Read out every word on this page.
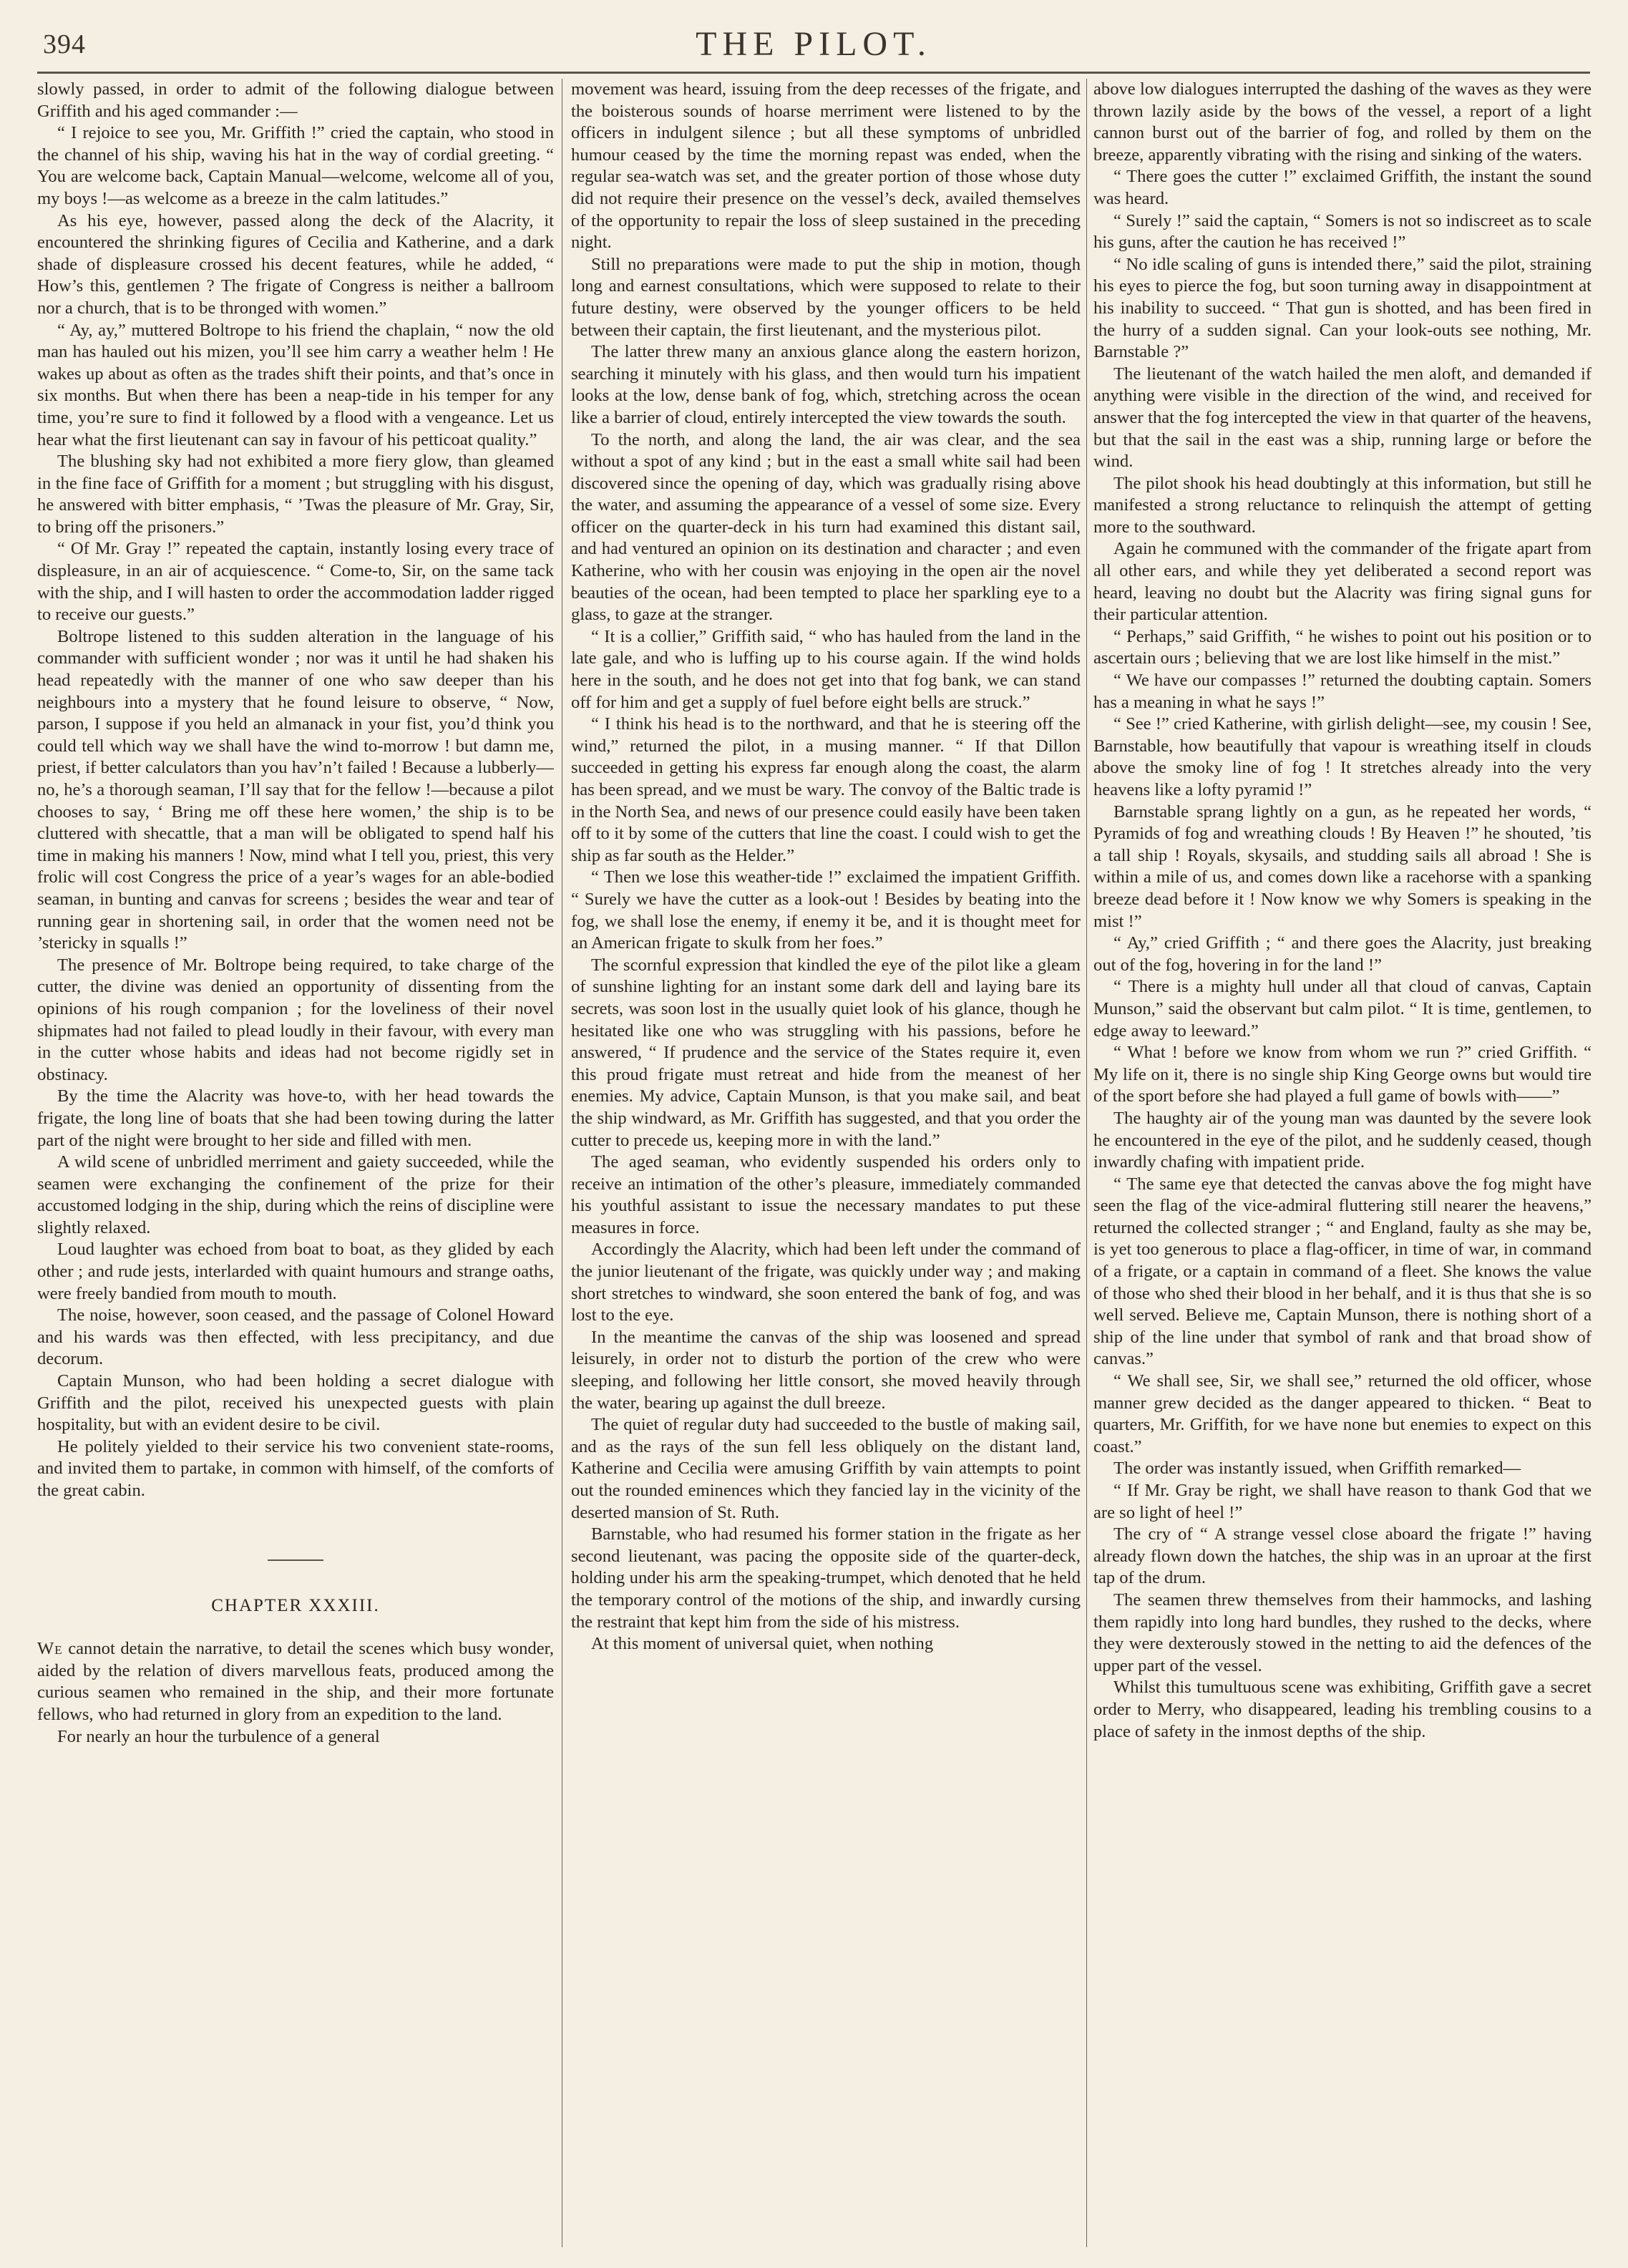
394	THE PILOT.

slowly passed, in order to admit of the following dialogue between Griffith and his aged commander :—

“ I rejoice to see you, Mr. Griffith !” cried the captain, who stood in the channel of his ship, waving his hat in the way of cordial greeting. “ You are welcome back, Captain Manual—welcome, welcome all of you, my boys !—as welcome as a breeze in the calm latitudes.”

As his eye, however, passed along the deck of the Alacrity, it encountered the shrinking figures of Cecilia and Katherine, and a dark shade of displeasure crossed his decent features, while he added, “ How’s this, gentlemen ? The frigate of Congress is neither a ballroom nor a church, that is to be thronged with women.”

“ Ay, ay,” muttered Boltrope to his friend the chaplain, “ now the old man has hauled out his mizen, you’ll see him carry a weather helm ! He wakes up about as often as the trades shift their points, and that’s once in six months. But when there has been a neap-tide in his temper for any time, you’re sure to find it followed by a flood with a vengeance. Let us hear what the first lieutenant can say in favour of his petticoat quality.”

The blushing sky had not exhibited a more fiery glow, than gleamed in the fine face of Griffith for a moment ; but struggling with his disgust, he answered with bitter emphasis, “ ’Twas the pleasure of Mr. Gray, Sir, to bring off the prisoners.”

“ Of Mr. Gray !” repeated the captain, instantly losing every trace of displeasure, in an air of acquiescence. “ Come-to, Sir, on the same tack with the ship, and I will hasten to order the accommodation ladder rigged to receive our guests.”

Boltrope listened to this sudden alteration in the language of his commander with sufficient wonder ; nor was it until he had shaken his head repeatedly with the manner of one who saw deeper than his neighbours into a mystery that he found leisure to observe, “ Now, parson, I suppose if you held an almanack in your fist, you’d think you could tell which way we shall have the wind to-morrow ! but damn me, priest, if better calculators than you hav’n’t failed ! Because a lubberly—no, he’s a thorough seaman, I’ll say that for the fellow !—because a pilot chooses to say, ‘ Bring me off these here women,’ the ship is to be cluttered with shecattle, that a man will be obligated to spend half his time in making his manners ! Now, mind what I tell you, priest, this very frolic will cost Congress the price of a year’s wages for an able-bodied seaman, in bunting and canvas for screens ; besides the wear and tear of running gear in shortening sail, in order that the women need not be ’stericky in squalls !”

The presence of Mr. Boltrope being required, to take charge of the cutter, the divine was denied an opportunity of dissenting from the opinions of his rough companion ; for the loveliness of their novel shipmates had not failed to plead loudly in their favour, with every man in the cutter whose habits and ideas had not become rigidly set in obstinacy.

By the time the Alacrity was hove-to, with her head towards the frigate, the long line of boats that she had been towing during the latter part of the night were brought to her side and filled with men.

A wild scene of unbridled merriment and gaiety succeeded, while the seamen were exchanging the confinement of the prize for their accustomed lodging in the ship, during which the reins of discipline were slightly relaxed.

Loud laughter was echoed from boat to boat, as they glided by each other ; and rude jests, interlarded with quaint humours and strange oaths, were freely bandied from mouth to mouth.

The noise, however, soon ceased, and the passage of Colonel Howard and his wards was then effected, with less precipitancy, and due decorum.

Captain Munson, who had been holding a secret dialogue with Griffith and the pilot, received his unexpected guests with plain hospitality, but with an evident desire to be civil.

He politely yielded to their service his two convenient state-rooms, and invited them to partake, in common with himself, of the comforts of the great cabin.

CHAPTER XXXIII.

We cannot detain the narrative, to detail the scenes which busy wonder, aided by the relation of divers marvellous feats, produced among the curious seamen who remained in the ship, and their more fortunate fellows, who had returned in glory from an expedition to the land.

For nearly an hour the turbulence of a general

movement was heard, issuing from the deep recesses of the frigate, and the boisterous sounds of hoarse merriment were listened to by the officers in indulgent silence ; but all these symptoms of unbridled humour ceased by the time the morning repast was ended, when the regular sea-watch was set, and the greater portion of those whose duty did not require their presence on the vessel’s deck, availed themselves of the opportunity to repair the loss of sleep sustained in the preceding night.

Still no preparations were made to put the ship in motion, though long and earnest consultations, which were supposed to relate to their future destiny, were observed by the younger officers to be held between their captain, the first lieutenant, and the mysterious pilot.

The latter threw many an anxious glance along the eastern horizon, searching it minutely with his glass, and then would turn his impatient looks at the low, dense bank of fog, which, stretching across the ocean like a barrier of cloud, entirely intercepted the view towards the south.

To the north, and along the land, the air was clear, and the sea without a spot of any kind ; but in the east a small white sail had been discovered since the opening of day, which was gradually rising above the water, and assuming the appearance of a vessel of some size. Every officer on the quarter-deck in his turn had examined this distant sail, and had ventured an opinion on its destination and character ; and even Katherine, who with her cousin was enjoying in the open air the novel beauties of the ocean, had been tempted to place her sparkling eye to a glass, to gaze at the stranger.

“ It is a collier,” Griffith said, “ who has hauled from the land in the late gale, and who is luffing up to his course again. If the wind holds here in the south, and he does not get into that fog bank, we can stand off for him and get a supply of fuel before eight bells are struck.”

“ I think his head is to the northward, and that he is steering off the wind,” returned the pilot, in a musing manner. “ If that Dillon succeeded in getting his express far enough along the coast, the alarm has been spread, and we must be wary. The convoy of the Baltic trade is in the North Sea, and news of our presence could easily have been taken off to it by some of the cutters that line the coast. I could wish to get the ship as far south as the Helder.”

“ Then we lose this weather-tide !” exclaimed the impatient Griffith. “ Surely we have the cutter as a look-out ! Besides by beating into the fog, we shall lose the enemy, if enemy it be, and it is thought meet for an American frigate to skulk from her foes.”

The scornful expression that kindled the eye of the pilot like a gleam of sunshine lighting for an instant some dark dell and laying bare its secrets, was soon lost in the usually quiet look of his glance, though he hesitated like one who was struggling with his passions, before he answered, “ If prudence and the service of the States require it, even this proud frigate must retreat and hide from the meanest of her enemies. My advice, Captain Munson, is that you make sail, and beat the ship windward, as Mr. Griffith has suggested, and that you order the cutter to precede us, keeping more in with the land.”

The aged seaman, who evidently suspended his orders only to receive an intimation of the other’s pleasure, immediately commanded his youthful assistant to issue the necessary mandates to put these measures in force.

Accordingly the Alacrity, which had been left under the command of the junior lieutenant of the frigate, was quickly under way ; and making short stretches to windward, she soon entered the bank of fog, and was lost to the eye.

In the meantime the canvas of the ship was loosened and spread leisurely, in order not to disturb the portion of the crew who were sleeping, and following her little consort, she moved heavily through the water, bearing up against the dull breeze.

The quiet of regular duty had succeeded to the bustle of making sail, and as the rays of the sun fell less obliquely on the distant land, Katherine and Cecilia were amusing Griffith by vain attempts to point out the rounded eminences which they fancied lay in the vicinity of the deserted mansion of St. Ruth.

Barnstable, who had resumed his former station in the frigate as her second lieutenant, was pacing the opposite side of the quarter-deck, holding under his arm the speaking-trumpet, which denoted that he held the temporary control of the motions of the ship, and inwardly cursing the restraint that kept him from the side of his mistress.

At this moment of universal quiet, when nothing

above low dialogues interrupted the dashing of the waves as they were thrown lazily aside by the bows of the vessel, a report of a light cannon burst out of the barrier of fog, and rolled by them on the breeze, apparently vibrating with the rising and sinking of the waters.

“ There goes the cutter !” exclaimed Griffith, the instant the sound was heard.

“ Surely !” said the captain, “ Somers is not so indiscreet as to scale his guns, after the caution he has received !”

“ No idle scaling of guns is intended there,” said the pilot, straining his eyes to pierce the fog, but soon turning away in disappointment at his inability to succeed. “ That gun is shotted, and has been fired in the hurry of a sudden signal. Can your look-outs see nothing, Mr. Barnstable ?”

The lieutenant of the watch hailed the men aloft, and demanded if anything were visible in the direction of the wind, and received for answer that the fog intercepted the view in that quarter of the heavens, but that the sail in the east was a ship, running large or before the wind.

The pilot shook his head doubtingly at this information, but still he manifested a strong reluctance to relinquish the attempt of getting more to the southward.

Again he communed with the commander of the frigate apart from all other ears, and while they yet deliberated a second report was heard, leaving no doubt but the Alacrity was firing signal guns for their particular attention.

“ Perhaps,” said Griffith, “ he wishes to point out his position or to ascertain ours ; believing that we are lost like himself in the mist.”

“ We have our compasses !” returned the doubting captain. Somers has a meaning in what he says !”

“ See !” cried Katherine, with girlish delight—see, my cousin ! See, Barnstable, how beautifully that vapour is wreathing itself in clouds above the smoky line of fog ! It stretches already into the very heavens like a lofty pyramid !”

Barnstable sprang lightly on a gun, as he repeated her words, “ Pyramids of fog and wreathing clouds ! By Heaven !” he shouted, ’tis a tall ship ! Royals, skysails, and studding sails all abroad ! She is within a mile of us, and comes down like a racehorse with a spanking breeze dead before it ! Now know we why Somers is speaking in the mist !”

“ Ay,” cried Griffith ; “ and there goes the Alacrity, just breaking out of the fog, hovering in for the land !”

“ There is a mighty hull under all that cloud of canvas, Captain Munson,” said the observant but calm pilot. “ It is time, gentlemen, to edge away to leeward.”

“ What ! before we know from whom we run ?” cried Griffith. “ My life on it, there is no single ship King George owns but would tire of the sport before she had played a full game of bowls with——”

The haughty air of the young man was daunted by the severe look he encountered in the eye of the pilot, and he suddenly ceased, though inwardly chafing with impatient pride.

“ The same eye that detected the canvas above the fog might have seen the flag of the vice-admiral fluttering still nearer the heavens,” returned the collected stranger ; “ and England, faulty as she may be, is yet too generous to place a flag-officer, in time of war, in command of a frigate, or a captain in command of a fleet. She knows the value of those who shed their blood in her behalf, and it is thus that she is so well served. Believe me, Captain Munson, there is nothing short of a ship of the line under that symbol of rank and that broad show of canvas.”

“ We shall see, Sir, we shall see,” returned the old officer, whose manner grew decided as the danger appeared to thicken. “ Beat to quarters, Mr. Griffith, for we have none but enemies to expect on this coast.”

The order was instantly issued, when Griffith remarked—

“ If Mr. Gray be right, we shall have reason to thank God that we are so light of heel !”

The cry of “ A strange vessel close aboard the frigate !” having already flown down the hatches, the ship was in an uproar at the first tap of the drum.

The seamen threw themselves from their hammocks, and lashing them rapidly into long hard bundles, they rushed to the decks, where they were dexterously stowed in the netting to aid the defences of the upper part of the vessel.

Whilst this tumultuous scene was exhibiting, Griffith gave a secret order to Merry, who disappeared, leading his trembling cousins to a place of safety in the inmost depths of the ship.
